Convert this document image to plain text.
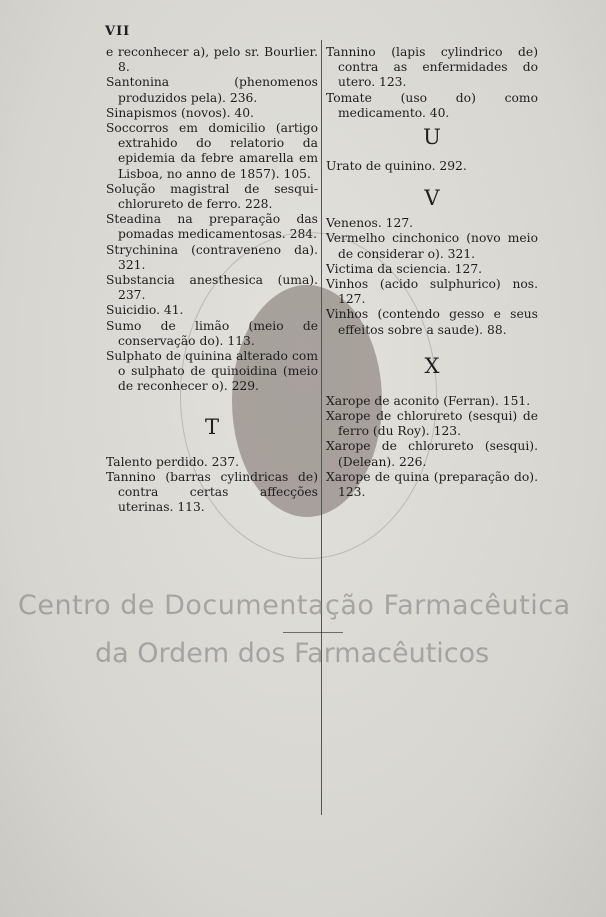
VII

e reconhecer a), pelo sr. Bourlier. 8.

Santonina (phenomenos produzidos pela). 236.

Sinapismos (novos). 40.

Soccorros em domicilio (artigo extrahido do relatorio da epidemia da febre amarella em Lisboa, no anno de 1857). 105.

Solução magistral de sesqui-chlorureto de ferro. 228.

Steadina na preparação das pomadas medicamentosas. 284.

Strychinina (contraveneno da). 321.

Substancia anesthesica (uma). 237.

Suicidio. 41.

Sumo de limão (meio de conservação do). 113.

Sulphato de quinina alterado com o sulphato de quinoidina (meio de reconhecer o). 229.

T

Talento perdido. 237.

Tannino (barras cylindricas de) contra certas affecções uterinas. 113.

Tannino (lapis cylindrico de) contra as enfermidades do utero. 123.

Tomate (uso do) como medicamento. 40.

U

Urato de quinino. 292.

V

Venenos. 127.

Vermelho cinchonico (novo meio de considerar o). 321.

Victima da sciencia. 127.

Vinhos (acido sulphurico) nos. 127.

Vinhos (contendo gesso e seus effeitos sobre a saude). 88.

X

Xarope de aconito (Ferran). 151.

Xarope de chlorureto (sesqui) de ferro (du Roy). 123.

Xarope de chlorureto (sesqui). (Delean). 226.

Xarope de quina (preparação do). 123.

Centro de Documentação Farmacêutica
da Ordem dos Farmacêuticos
